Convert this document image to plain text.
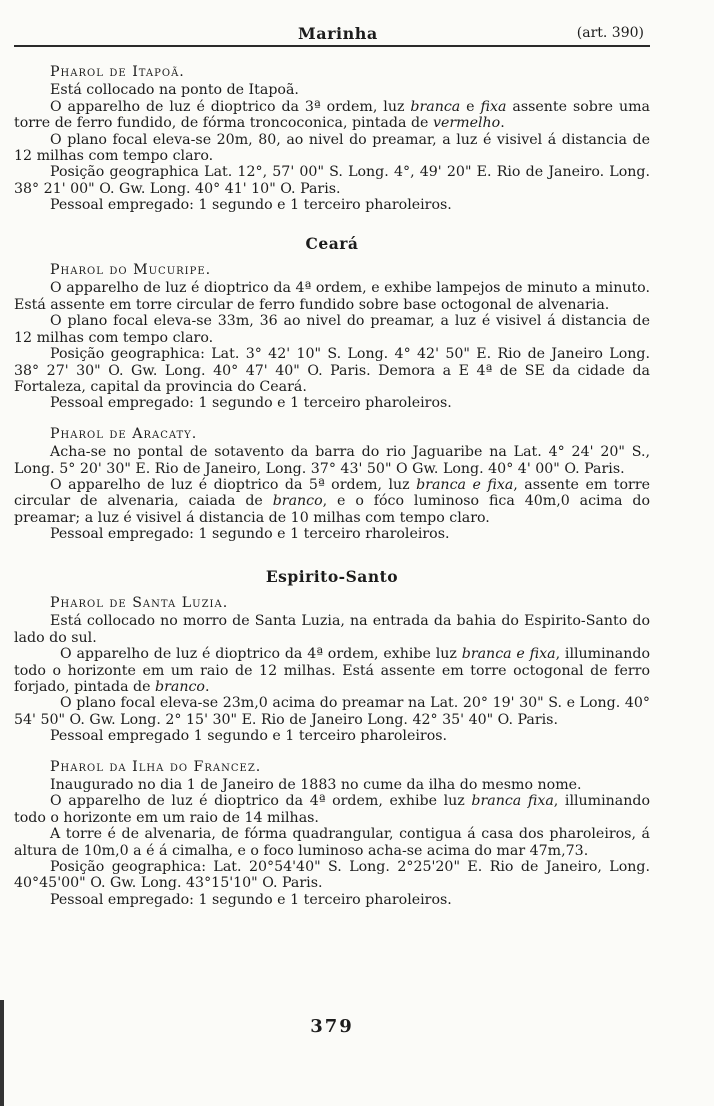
Marinha	(art. 390)
Pharol de Itapoã.

Está collocado na ponto de Itapoã.

O apparelho de luz é dioptrico da 3ª ordem, luz branca e fixa assente sobre uma torre de ferro fundido, de fórma troncoconica, pintada de vermelho.

O plano focal eleva-se 20m, 80, ao nivel do preamar, a luz é visivel á distancia de 12 milhas com tempo claro.

Posição geographica Lat. 12°, 57' 00" S. Long. 4°, 49' 20" E. Rio de Janeiro. Long. 38° 21' 00" O. Gw. Long. 40° 41' 10" O. Paris.

Pessoal empregado: 1 segundo e 1 terceiro pharoleiros.

Ceará
Pharol do Mucuripe.

O apparelho de luz é dioptrico da 4ª ordem, e exhibe lampejos de minuto a minuto. Está assente em torre circular de ferro fundido sobre base octogonal de alvenaria.

O plano focal eleva-se 33m, 36 ao nivel do preamar, a luz é visivel á distancia de 12 milhas com tempo claro.

Posição geographica: Lat. 3° 42' 10" S. Long. 4° 42' 50" E. Rio de Janeiro Long. 38° 27' 30" O. Gw. Long. 40° 47' 40" O. Paris. Demora a E 4ª de SE da cidade da Fortaleza, capital da provincia do Ceará.

Pessoal empregado: 1 segundo e 1 terceiro pharoleiros.

Pharol de Aracaty.

Acha-se no pontal de sotavento da barra do rio Jaguaribe na Lat. 4° 24' 20" S., Long. 5° 20' 30" E. Rio de Janeiro, Long. 37° 43' 50" O Gw. Long. 40° 4' 00" O. Paris.

O apparelho de luz é dioptrico da 5ª ordem, luz branca e fixa, assente em torre circular de alvenaria, caiada de branco, e o fóco luminoso fica 40m,0 acima do preamar; a luz é visivel á distancia de 10 milhas com tempo claro.

Pessoal empregado: 1 segundo e 1 terceiro rharoleiros.

Espirito-Santo
Pharol de Santa Luzia.

Está collocado no morro de Santa Luzia, na entrada da bahia do Espirito-Santo do lado do sul.

O apparelho de luz é dioptrico da 4ª ordem, exhibe luz branca e fixa, illuminando todo o horizonte em um raio de 12 milhas. Está assente em torre octogonal de ferro forjado, pintada de branco.

O plano focal eleva-se 23m,0 acima do preamar na Lat. 20° 19' 30" S. e Long. 40° 54' 50" O. Gw. Long. 2° 15' 30" E. Rio de Janeiro Long. 42° 35' 40" O. Paris.

Pessoal empregado 1 segundo e 1 terceiro pharoleiros.

Pharol da Ilha do Francez.

Inaugurado no dia 1 de Janeiro de 1883 no cume da ilha do mesmo nome.

O apparelho de luz é dioptrico da 4ª ordem, exhibe luz branca fixa, illuminando todo o horizonte em um raio de 14 milhas.

A torre é de alvenaria, de fórma quadrangular, contigua á casa dos pharoleiros, á altura de 10m,0 a é á cimalha, e o foco luminoso acha-se acima do mar 47m,73.

Posição geographica: Lat. 20°54'40" S. Long. 2°25'20" E. Rio de Janeiro, Long. 40°45'00" O. Gw. Long. 43°15'10" O. Paris.

Pessoal empregado: 1 segundo e 1 terceiro pharoleiros.

379
